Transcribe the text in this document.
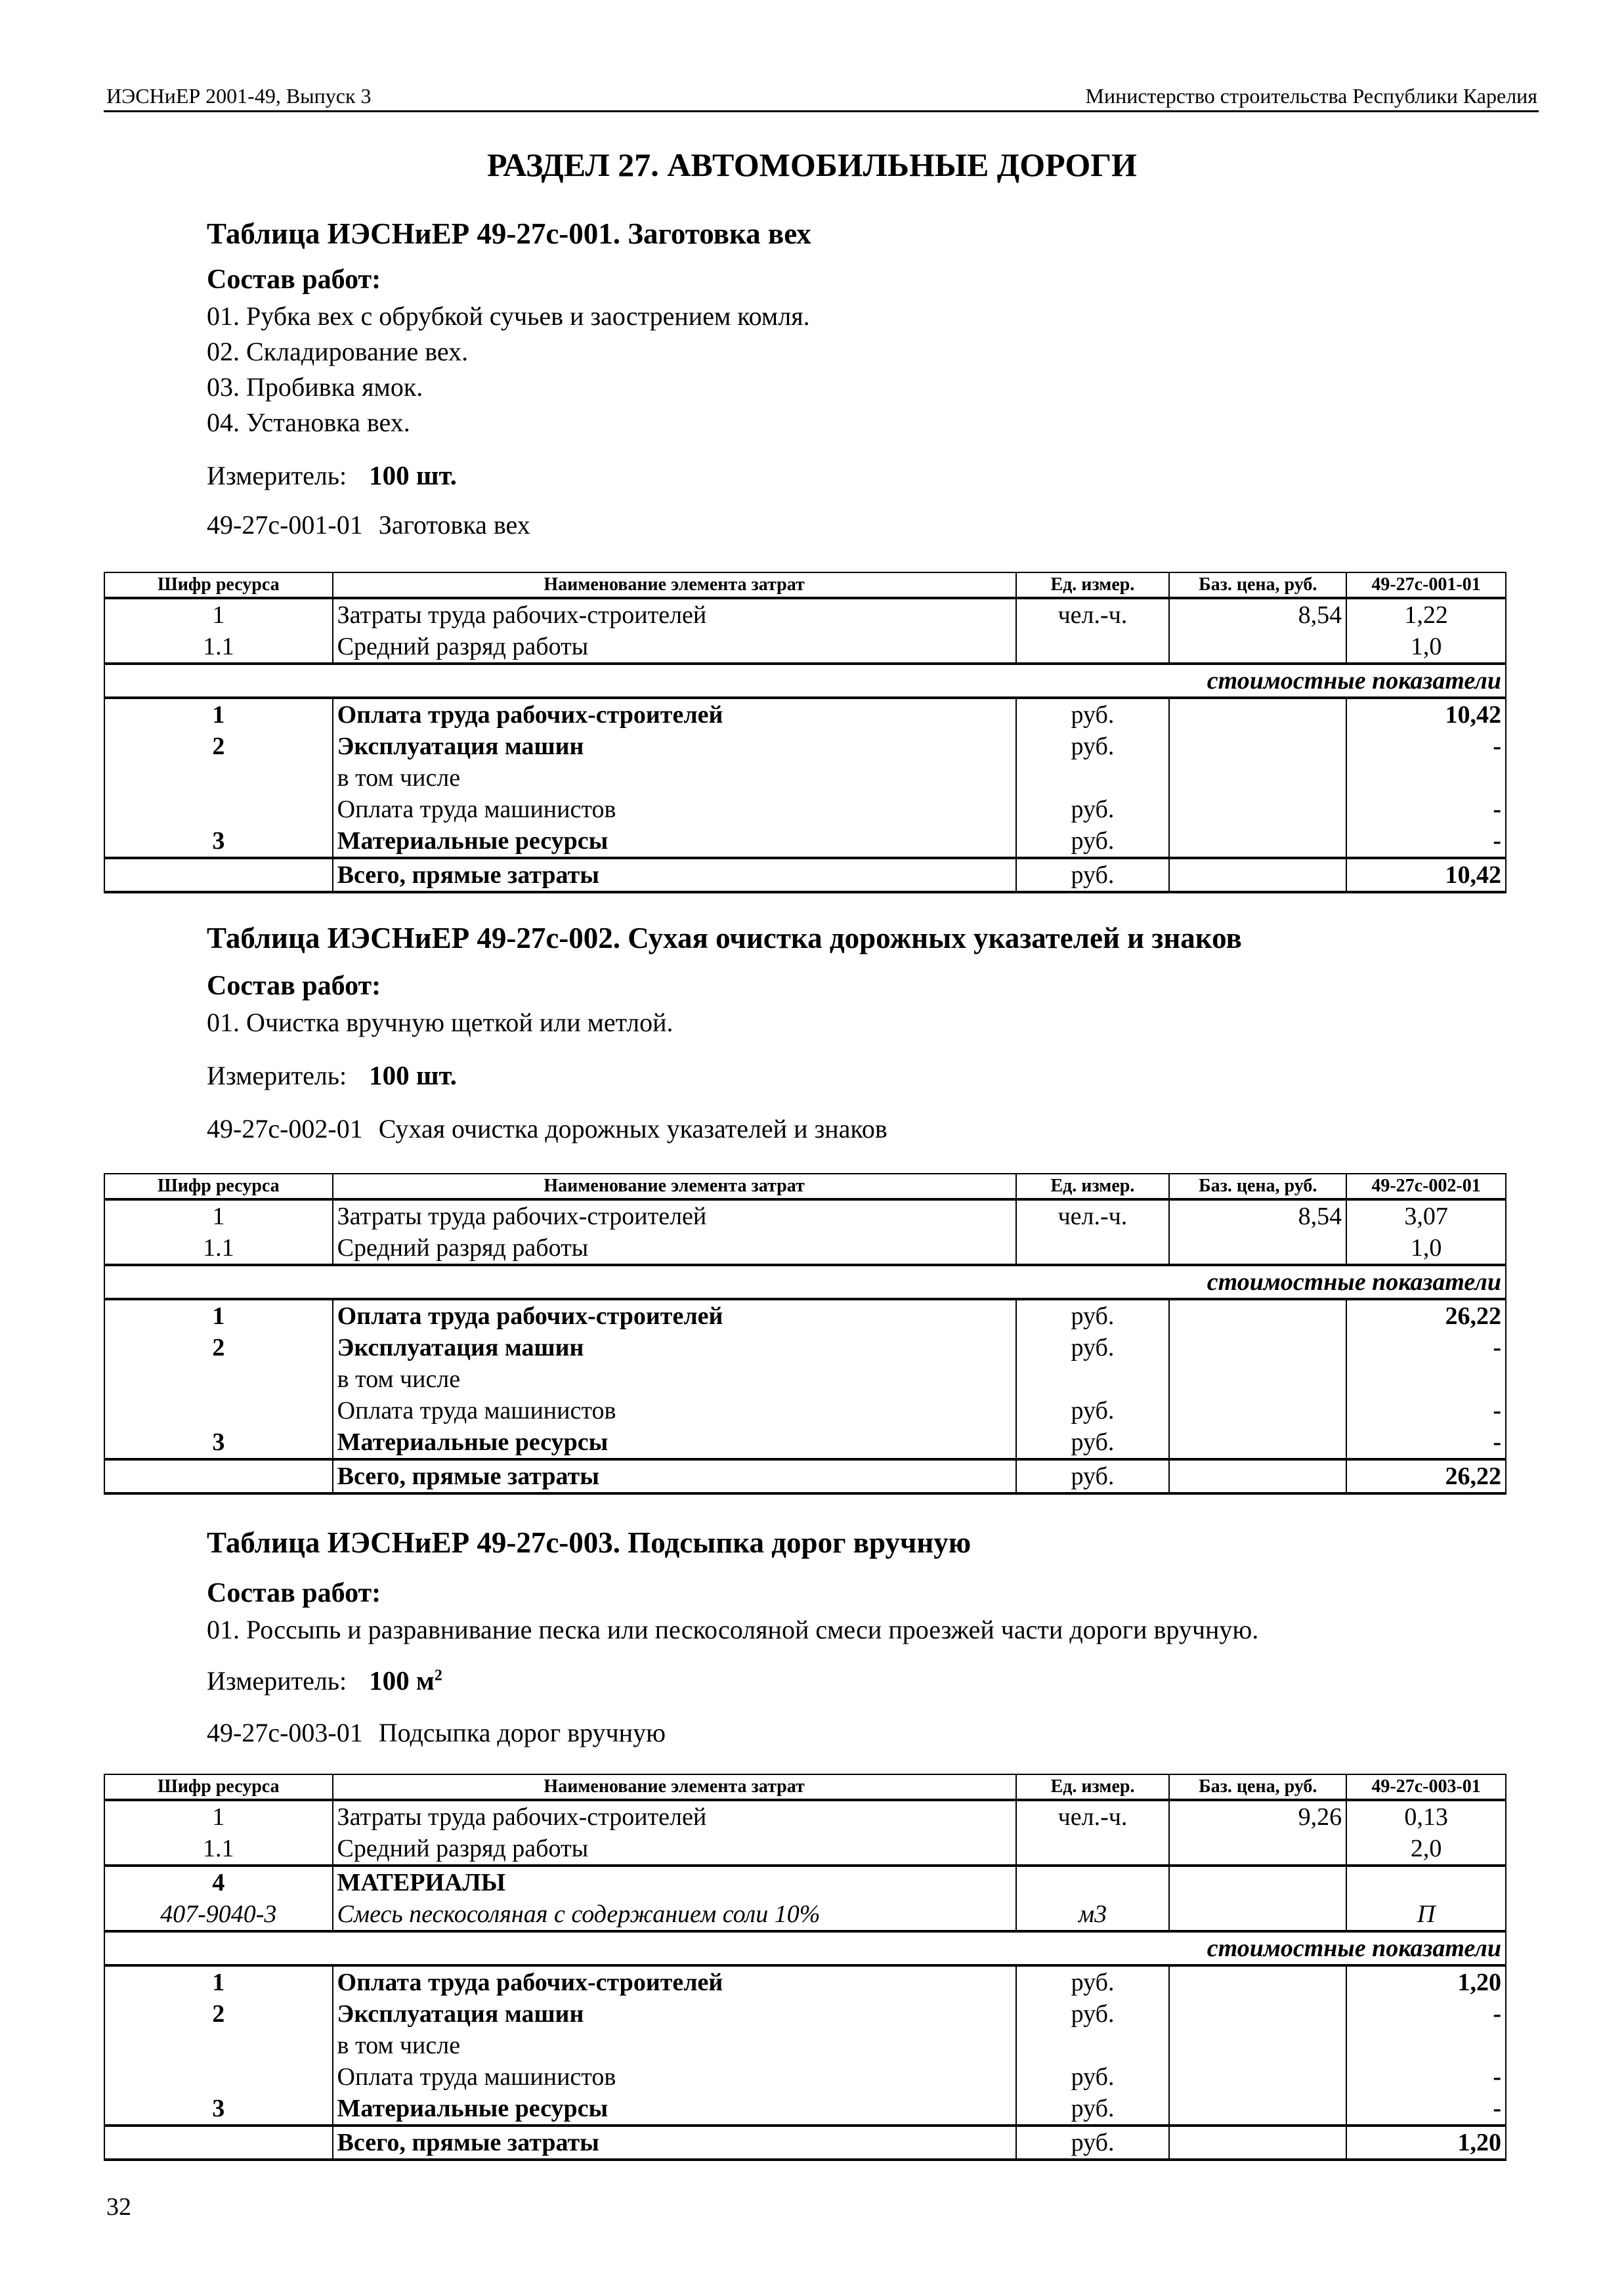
ИЭСНиЕР 2001-49, Выпуск 3	Министерство строительства Республики Карелия
РАЗДЕЛ 27. АВТОМОБИЛЬНЫЕ ДОРОГИ
Таблица ИЭСНиЕР 49-27с-001. Заготовка вех
Состав работ:
01. Рубка вех с обрубкой сучьев и заострением комля.
02. Складирование вех.
03. Пробивка ямок.
04. Установка вех.
Измеритель: 100 шт.
49-27с-001-01 Заготовка вех
Шифр ресурса	Наименование элемента затрат	Ед. измер.	Баз. цена, руб.	49-27с-001-01
1	Затраты труда рабочих-строителей	чел.-ч.	8,54	1,22
1.1	Средний разряд работы			1,0
стоимостные показатели				
1	Оплата труда рабочих-строителей	руб.		10,42
2	Эксплуатация машин	руб.		-
	в том числе			
	Оплата труда машинистов	руб.		-
3	Материальные ресурсы	руб.		-
	Всего, прямые затраты	руб.		10,42
Таблица ИЭСНиЕР 49-27с-002. Сухая очистка дорожных указателей и знаков
Состав работ:
01. Очистка вручную щеткой или метлой.
Измеритель: 100 шт.
49-27с-002-01 Сухая очистка дорожных указателей и знаков
Шифр ресурса	Наименование элемента затрат	Ед. измер.	Баз. цена, руб.	49-27с-002-01
1	Затраты труда рабочих-строителей	чел.-ч.	8,54	3,07
1.1	Средний разряд работы			1,0
стоимостные показатели				
1	Оплата труда рабочих-строителей	руб.		26,22
2	Эксплуатация машин	руб.		-
	в том числе			
	Оплата труда машинистов	руб.		-
3	Материальные ресурсы	руб.		-
	Всего, прямые затраты	руб.		26,22
Таблица ИЭСНиЕР 49-27с-003. Подсыпка дорог вручную
Состав работ:
01. Россыпь и разравнивание песка или пескосоляной смеси проезжей части дороги вручную.
Измеритель: 100 $м^2$
49-27с-003-01 Подсыпка дорог вручную
Шифр ресурса	Наименование элемента затрат	Ед. измер.	Баз. цена, руб.	49-27с-003-01
1	Затраты труда рабочих-строителей	чел.-ч.	9,26	0,13
1.1	Средний разряд работы			2,0
4	МАТЕРИАЛЫ			
407-9040-3	Смесь пескосоляная с содержанием соли 10%	м3		П
стоимостные показатели				
1	Оплата труда рабочих-строителей	руб.		1,20
2	Эксплуатация машин	руб.		-
	в том числе			
	Оплата труда машинистов	руб.		-
3	Материальные ресурсы	руб.		-
	Всего, прямые затраты	руб.		1,20
32
